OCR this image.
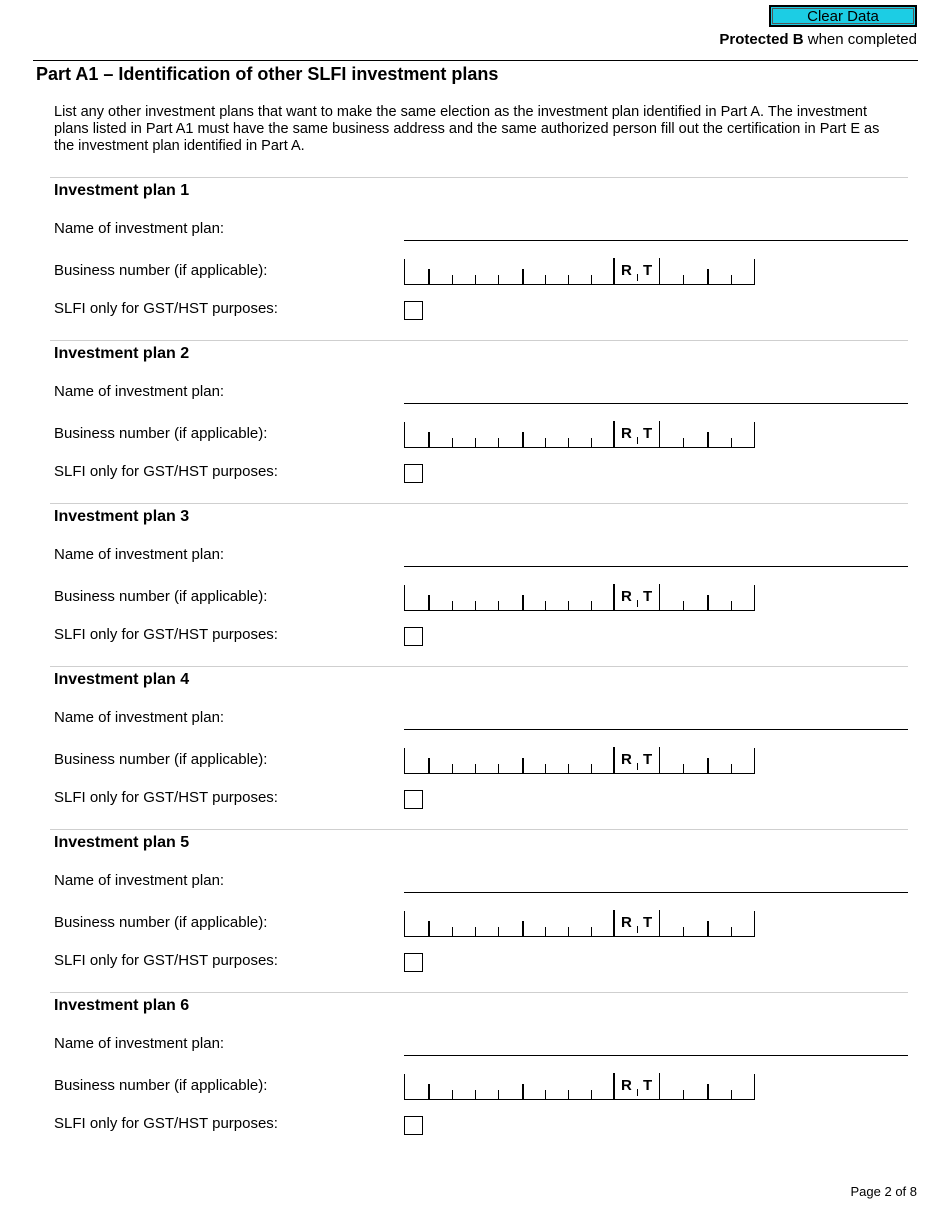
Clear Data
Protected B when completed
Part A1 – Identification of other SLFI investment plans
List any other investment plans that want to make the same election as the investment plan identified in Part A. The investment plans listed in Part A1 must have the same business address and the same authorized person fill out the certification in Part E as the investment plan identified in Part A.
Investment plan 1
Name of investment plan:
Business number (if applicable):	R T
SLFI only for GST/HST purposes:
Investment plan 2
Name of investment plan:
Business number (if applicable):	R T
SLFI only for GST/HST purposes:
Investment plan 3
Name of investment plan:
Business number (if applicable):	R T
SLFI only for GST/HST purposes:
Investment plan 4
Name of investment plan:
Business number (if applicable):	R T
SLFI only for GST/HST purposes:
Investment plan 5
Name of investment plan:
Business number (if applicable):	R T
SLFI only for GST/HST purposes:
Investment plan 6
Name of investment plan:
Business number (if applicable):	R T
SLFI only for GST/HST purposes:
Page 2 of 8
